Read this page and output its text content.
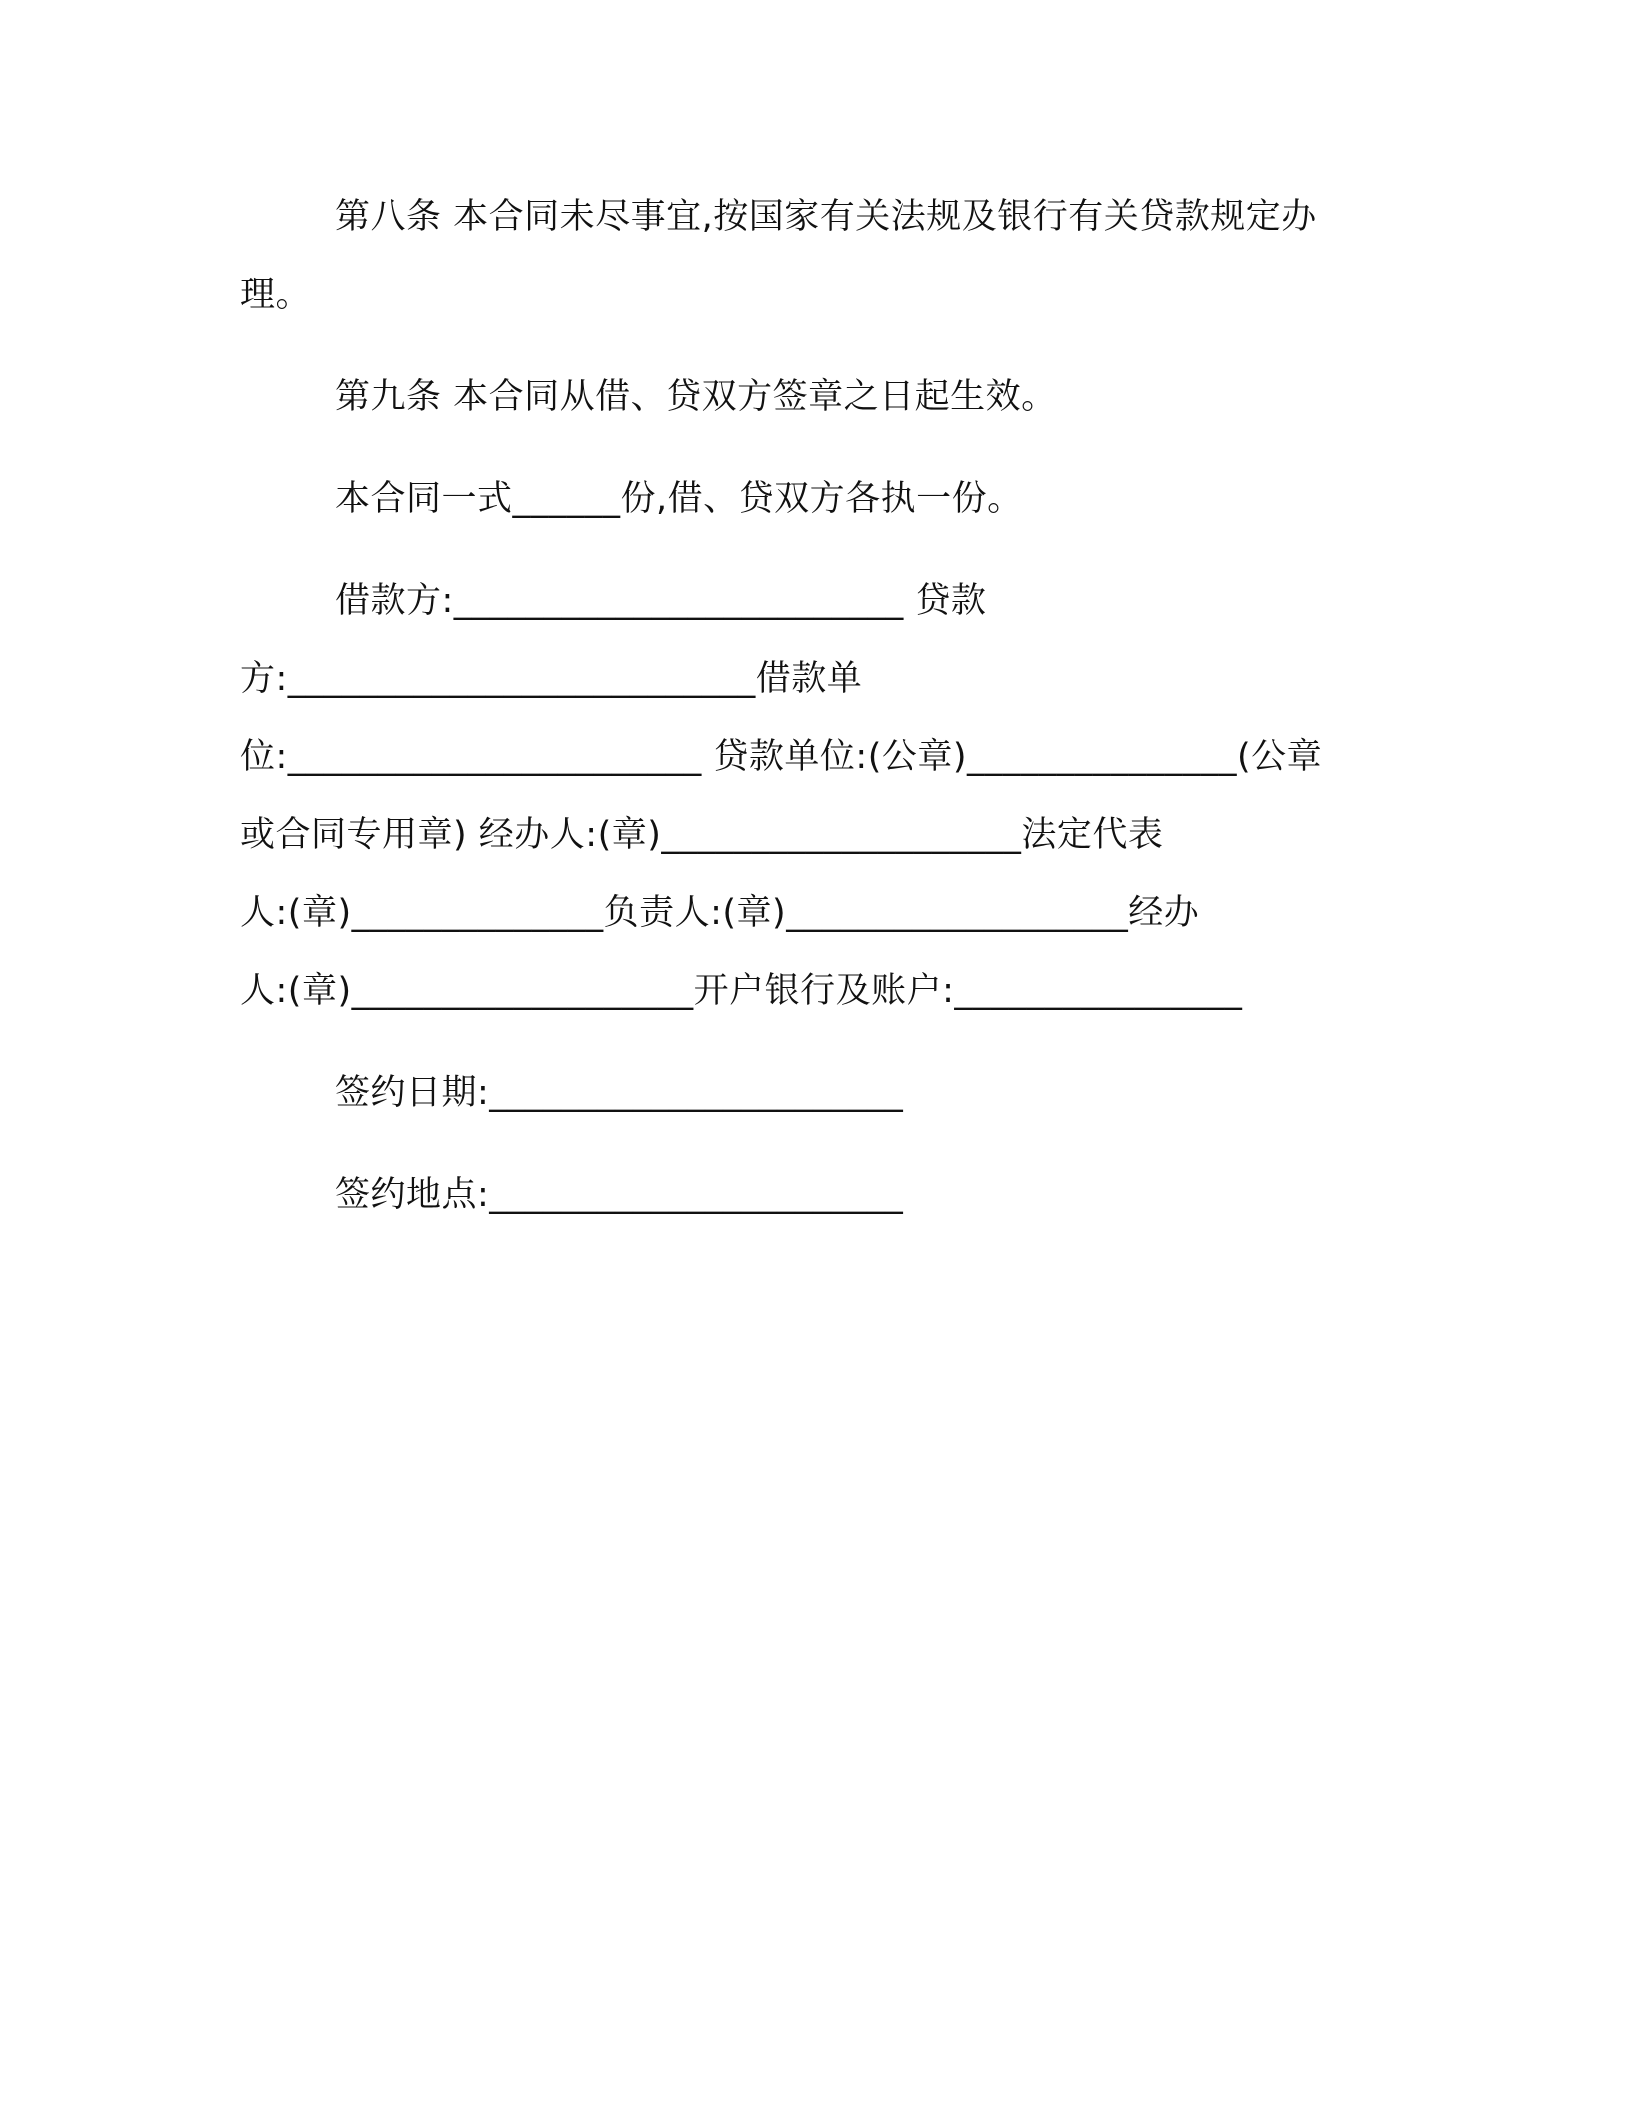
第八条 本合同未尽事宜,按国家有关法规及银行有关贷款规定办

理。

第九条 本合同从借、贷双方签章之日起生效。

本合同一式______份,借、贷双方各执一份。

借款方:_________________________ 贷款

方:__________________________借款单

位:_______________________ 贷款单位:(公章)_______________(公章

或合同专用章) 经办人:(章)____________________法定代表

人:(章)______________负责人:(章)___________________经办

人:(章)___________________开户银行及账户:________________

签约日期:_______________________

签约地点:_______________________
